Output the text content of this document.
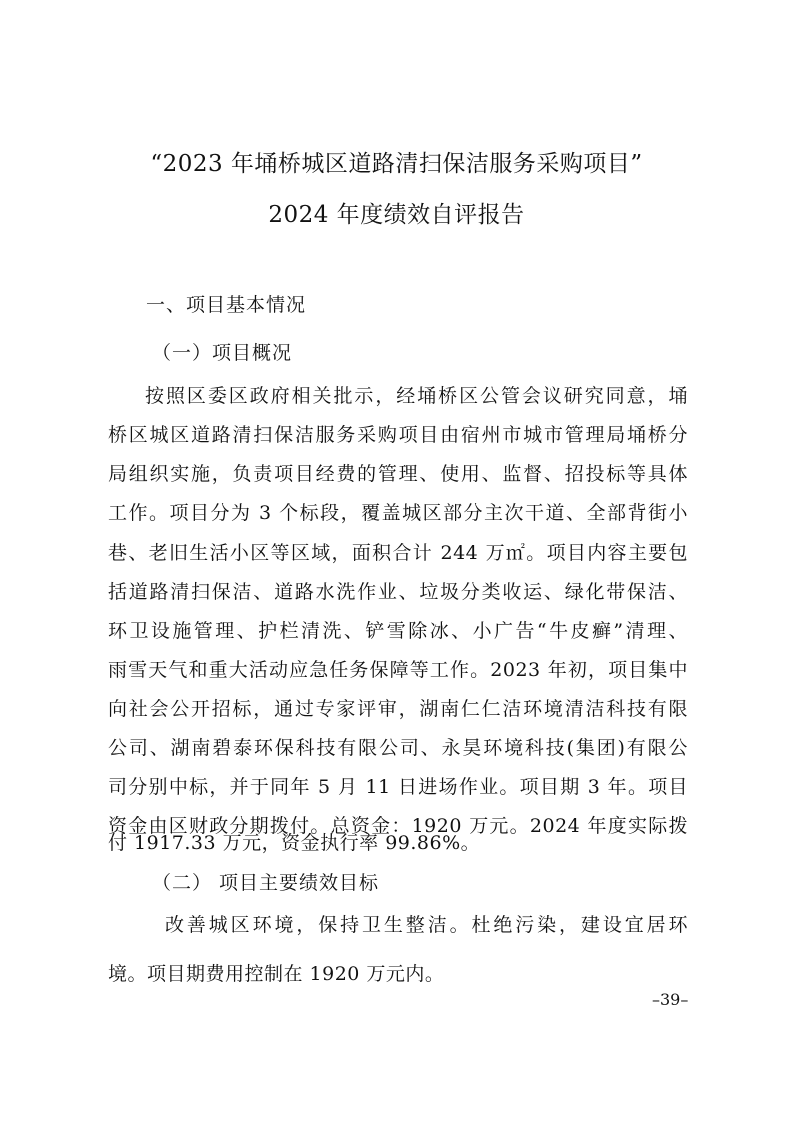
“2023 年埇桥城区道路清扫保洁服务采购项目”
2024 年度绩效自评报告
一、项目基本情况
（一）项目概况
按照区委区政府相关批示，经埇桥区公管会议研究同意，埇
桥区城区道路清扫保洁服务采购项目由宿州市城市管理局埇桥分
局组织实施，负责项目经费的管理、使用、监督、招投标等具体
工作。项目分为 3 个标段，覆盖城区部分主次干道、全部背街小
巷、老旧生活小区等区域，面积合计 244 万㎡。项目内容主要包
括道路清扫保洁、道路水洗作业、垃圾分类收运、绿化带保洁、
环卫设施管理、护栏清洗、铲雪除冰、小广告“牛皮癣”清理、
雨雪天气和重大活动应急任务保障等工作。2023 年初，项目集中
向社会公开招标，通过专家评审，湖南仁仁洁环境清洁科技有限
公司、湖南碧泰环保科技有限公司、永昊环境科技(集团)有限公
司分别中标，并于同年 5 月 11 日进场作业。项目期 3 年。项目
资金由区财政分期拨付。总资金：1920 万元。2024 年度实际拨
付 1917.33 万元，资金执行率 99.86%。
（二） 项目主要绩效目标
改善城区环境，保持卫生整洁。杜绝污染，建设宜居环
境。项目期费用控制在 1920 万元内。
–39–
